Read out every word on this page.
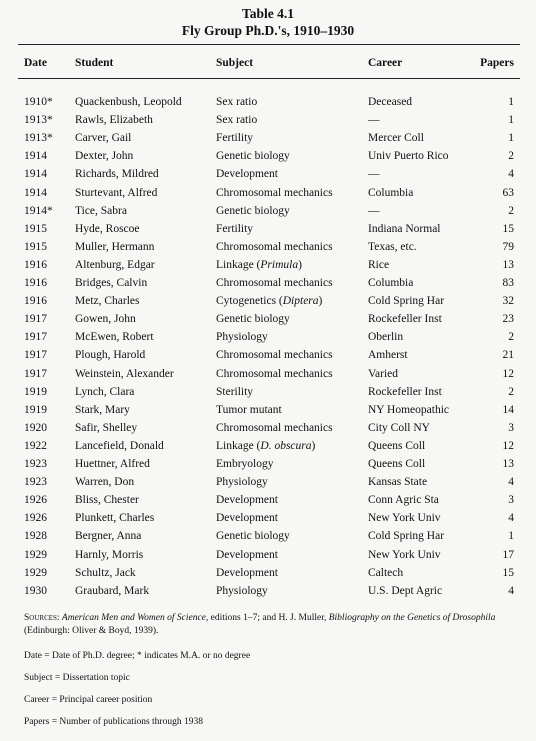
Table 4.1
Fly Group Ph.D.'s, 1910–1930
Date Student	Subject	Career	Papers
1910* Quackenbush, Leopold	Sex ratio	Deceased	1
1913* Rawls, Elizabeth	Sex ratio	—	1
1913* Carver, Gail	Fertility	Mercer Coll	1
1914 Dexter, John	Genetic biology	Univ Puerto Rico	2
1914 Richards, Mildred	Development	—	4
1914 Sturtevant, Alfred	Chromosomal mechanics	Columbia	63
1914* Tice, Sabra	Genetic biology	—	2
1915 Hyde, Roscoe	Fertility	Indiana Normal	15
1915 Muller, Hermann	Chromosomal mechanics	Texas, etc.	79
1916 Altenburg, Edgar	Linkage (Primula)	Rice	13
1916 Bridges, Calvin	Chromosomal mechanics	Columbia	83
1916 Metz, Charles	Cytogenetics (Diptera)	Cold Spring Har	32
1917 Gowen, John	Genetic biology	Rockefeller Inst	23
1917 McEwen, Robert	Physiology	Oberlin	2
1917 Plough, Harold	Chromosomal mechanics	Amherst	21
1917 Weinstein, Alexander	Chromosomal mechanics	Varied	12
1919 Lynch, Clara	Sterility	Rockefeller Inst	2
1919 Stark, Mary	Tumor mutant	NY Homeopathic	14
1920 Safir, Shelley	Chromosomal mechanics	City Coll NY	3
1922 Lancefield, Donald	Linkage (D. obscura)	Queens Coll	12
1923 Huettner, Alfred	Embryology	Queens Coll	13
1923 Warren, Don	Physiology	Kansas State	4
1926 Bliss, Chester	Development	Conn Agric Sta	3
1926 Plunkett, Charles	Development	New York Univ	4
1928 Bergner, Anna	Genetic biology	Cold Spring Har	1
1929 Harnly, Morris	Development	New York Univ	17
1929 Schultz, Jack	Development	Caltech	15
1930 Graubard, Mark	Physiology	U.S. Dept Agric	4
Sources: American Men and Women of Science, editions 1–7; and H. J. Muller, Bibliography on the Genetics of Drosophila (Edinburgh: Oliver & Boyd, 1939).
Date = Date of Ph.D. degree; * indicates M.A. or no degree
Subject = Dissertation topic
Career = Principal career position
Papers = Number of publications through 1938
